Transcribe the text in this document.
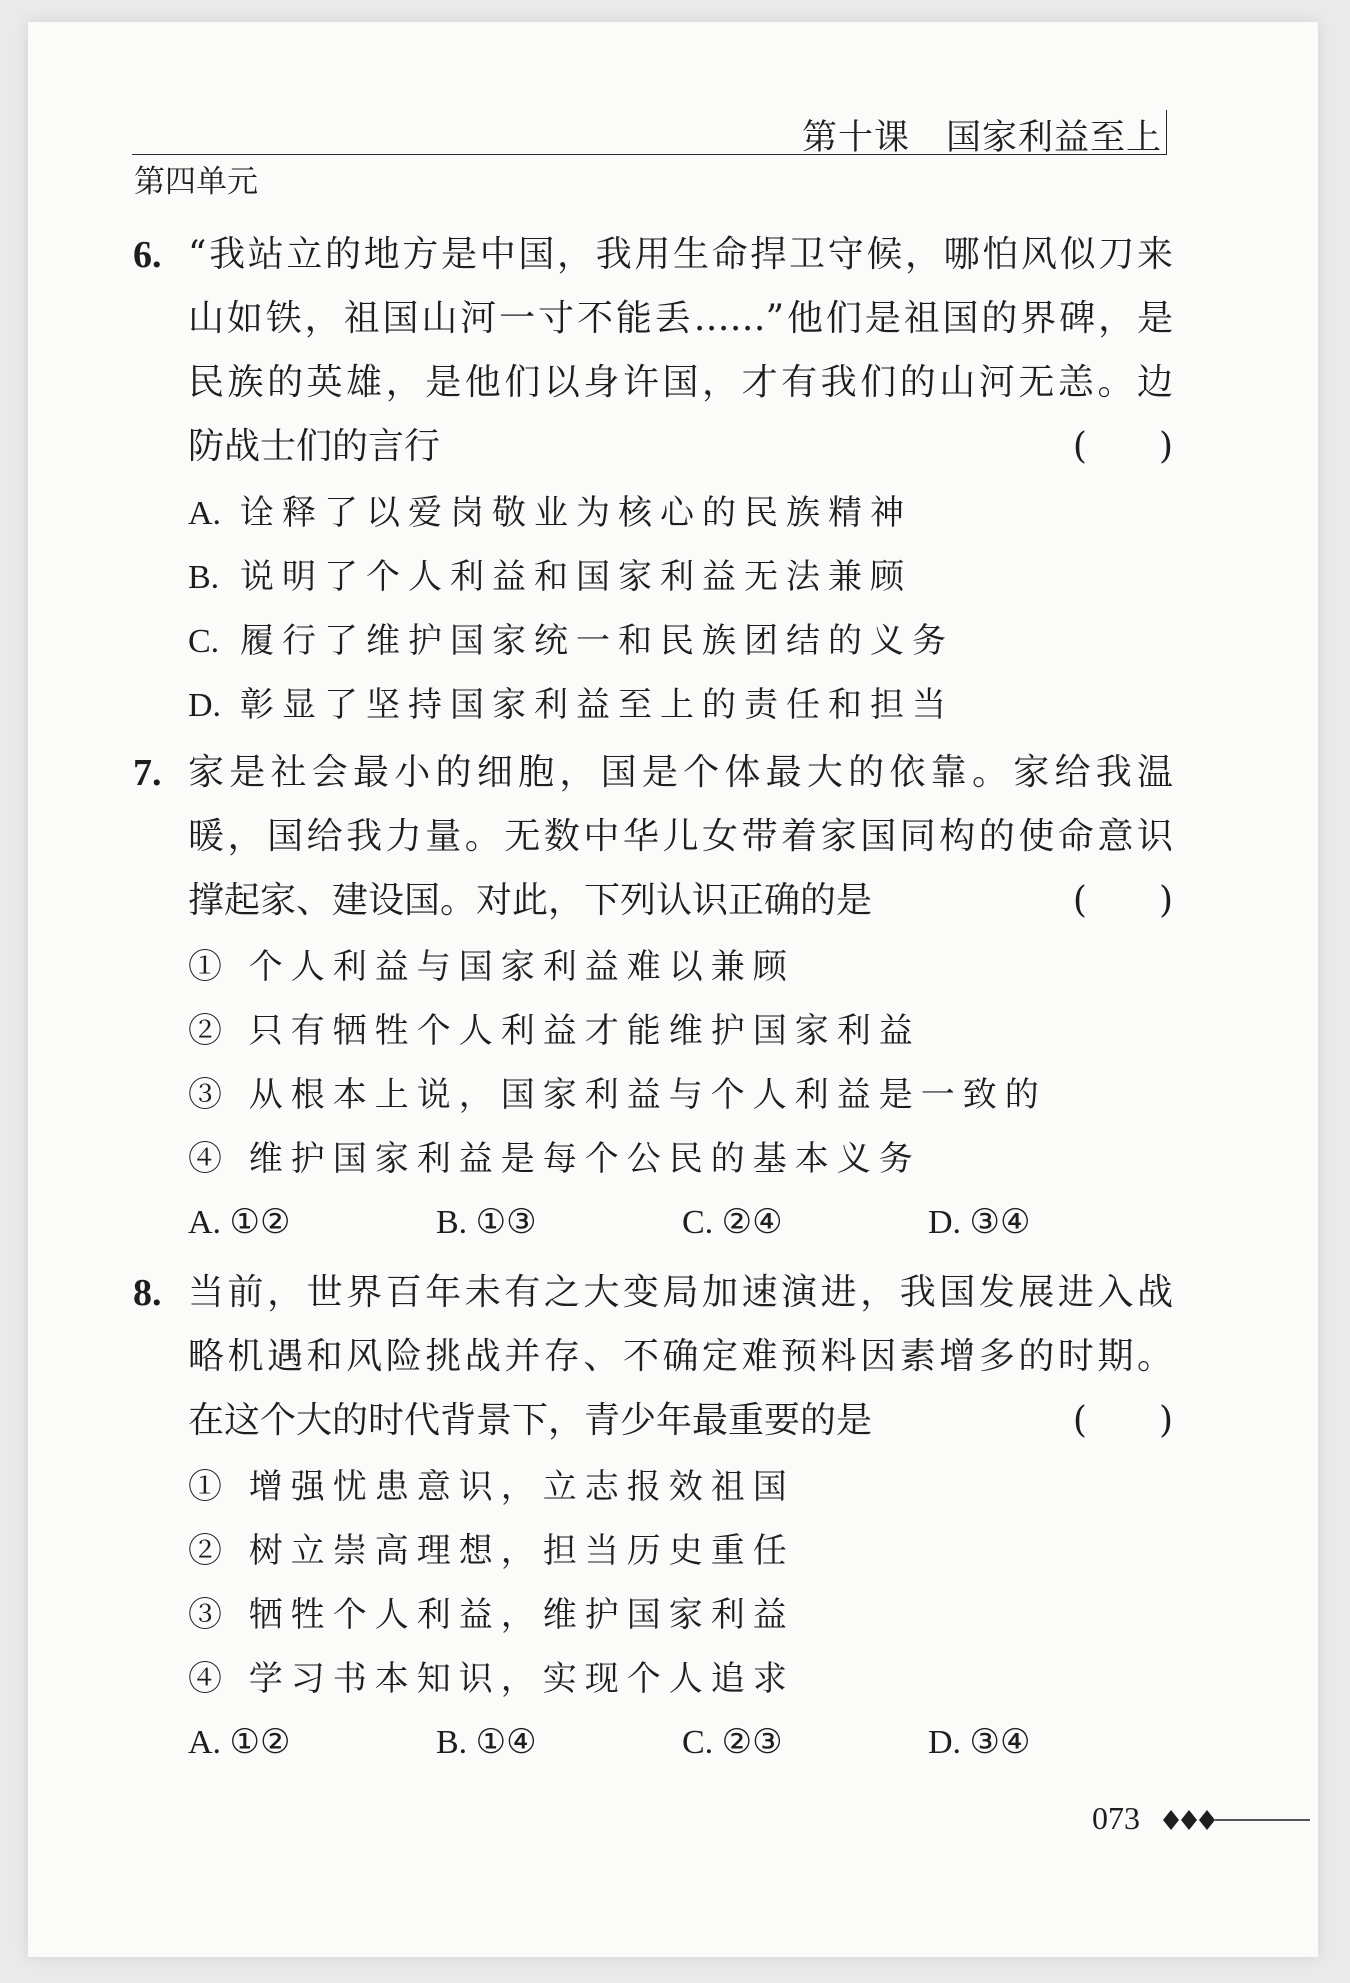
第十课　国家利益至上
第四单元
6. “我站立的地方是中国，我用生命捍卫守候，哪怕风似刀来
山如铁，祖国山河一寸不能丢……”他们是祖国的界碑，是
民族的英雄，是他们以身许国，才有我们的山河无恙。边
防战士们的言行	(　　)
A. 诠释了以爱岗敬业为核心的民族精神
B. 说明了个人利益和国家利益无法兼顾
C. 履行了维护国家统一和民族团结的义务
D. 彰显了坚持国家利益至上的责任和担当
7. 家是社会最小的细胞，国是个体最大的依靠。家给我温
暖，国给我力量。无数中华儿女带着家国同构的使命意识
撑起家、建设国。对此，下列认识正确的是	(　　)
① 个人利益与国家利益难以兼顾
② 只有牺牲个人利益才能维护国家利益
③ 从根本上说，国家利益与个人利益是一致的
④ 维护国家利益是每个公民的基本义务
A. ①②	B. ①③	C. ②④	D. ③④
8. 当前，世界百年未有之大变局加速演进，我国发展进入战
略机遇和风险挑战并存、不确定难预料因素增多的时期。
在这个大的时代背景下，青少年最重要的是	(　　)
① 增强忧患意识，立志报效祖国
② 树立崇高理想，担当历史重任
③ 牺牲个人利益，维护国家利益
④ 学习书本知识，实现个人追求
A. ①②	B. ①④	C. ②③	D. ③④
073
